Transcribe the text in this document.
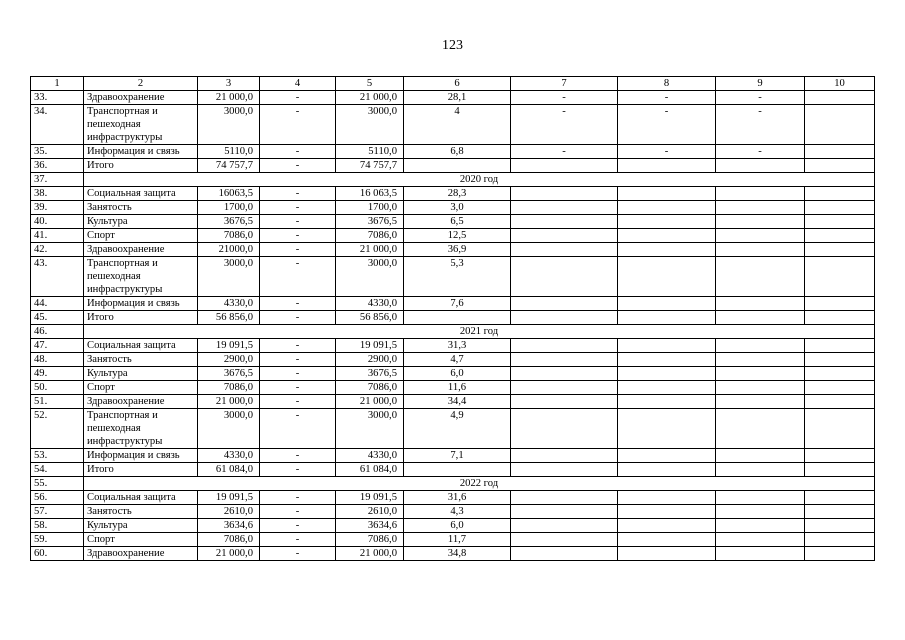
123
1	2	3	4	5	6	7	8	9	10
33.	Здравоохранение	21 000,0	-	21 000,0	28,1	-	-	-	
34.	Транспортная и пешеходная инфраструктуры	3000,0	-	3000,0	4	-	-	-	
35.	Информация и связь	5110,0	-	5110,0	6,8	-	-	-	
36.	Итого	74 757,7	-	74 757,7					
37.	2020 год								
38.	Социальная защита	16063,5	-	16 063,5	28,3				
39.	Занятость	1700,0	-	1700,0	3,0				
40.	Культура	3676,5	-	3676,5	6,5				
41.	Спорт	7086,0	-	7086,0	12,5				
42.	Здравоохранение	21000,0	-	21 000,0	36,9				
43.	Транспортная и пешеходная инфраструктуры	3000,0	-	3000,0	5,3				
44.	Информация и связь	4330,0	-	4330,0	7,6				
45.	Итого	56 856,0	-	56 856,0					
46.	2021 год								
47.	Социальная защита	19 091,5	-	19 091,5	31,3				
48.	Занятость	2900,0	-	2900,0	4,7				
49.	Культура	3676,5	-	3676,5	6,0				
50.	Спорт	7086,0	-	7086,0	11,6				
51.	Здравоохранение	21 000,0	-	21 000,0	34,4				
52.	Транспортная и пешеходная инфраструктуры	3000,0	-	3000,0	4,9				
53.	Информация и связь	4330,0	-	4330,0	7,1				
54.	Итого	61 084,0	-	61 084,0					
55.	2022 год								
56.	Социальная защита	19 091,5	-	19 091,5	31,6				
57.	Занятость	2610,0	-	2610,0	4,3				
58.	Культура	3634,6	-	3634,6	6,0				
59.	Спорт	7086,0	-	7086,0	11,7				
60.	Здравоохранение	21 000,0	-	21 000,0	34,8				
